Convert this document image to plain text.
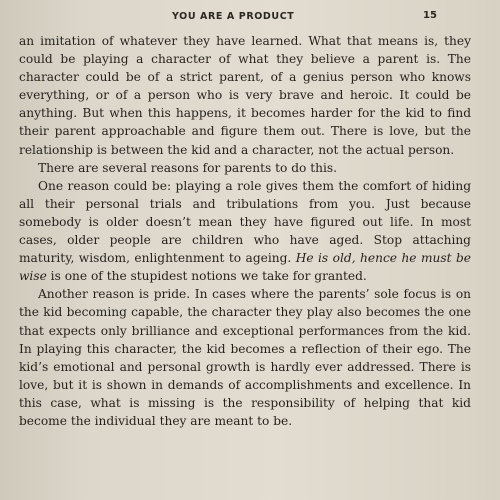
YOU ARE A PRODUCT	15

an imitation of whatever they have learned. What that means is, they could be playing a character of what they believe a parent is. The character could be of a strict parent, of a genius person who knows everything, or of a person who is very brave and heroic. It could be anything. But when this happens, it becomes harder for the kid to find their parent approachable and figure them out. There is love, but the relationship is between the kid and a character, not the actual person.

There are several reasons for parents to do this.

One reason could be: playing a role gives them the comfort of hiding all their personal trials and tribulations from you. Just because somebody is older doesn’t mean they have figured out life. In most cases, older people are children who have aged. Stop attaching maturity, wisdom, enlightenment to ageing. He is old, hence he must be wise is one of the stupidest notions we take for granted.

Another reason is pride. In cases where the parents’ sole focus is on the kid becoming capable, the character they play also becomes the one that expects only brilliance and exceptional performances from the kid. In playing this character, the kid becomes a reflection of their ego. The kid’s emotional and personal growth is hardly ever addressed. There is love, but it is shown in demands of accomplishments and excellence. In this case, what is missing is the responsibility of helping that kid become the individual they are meant to be.
